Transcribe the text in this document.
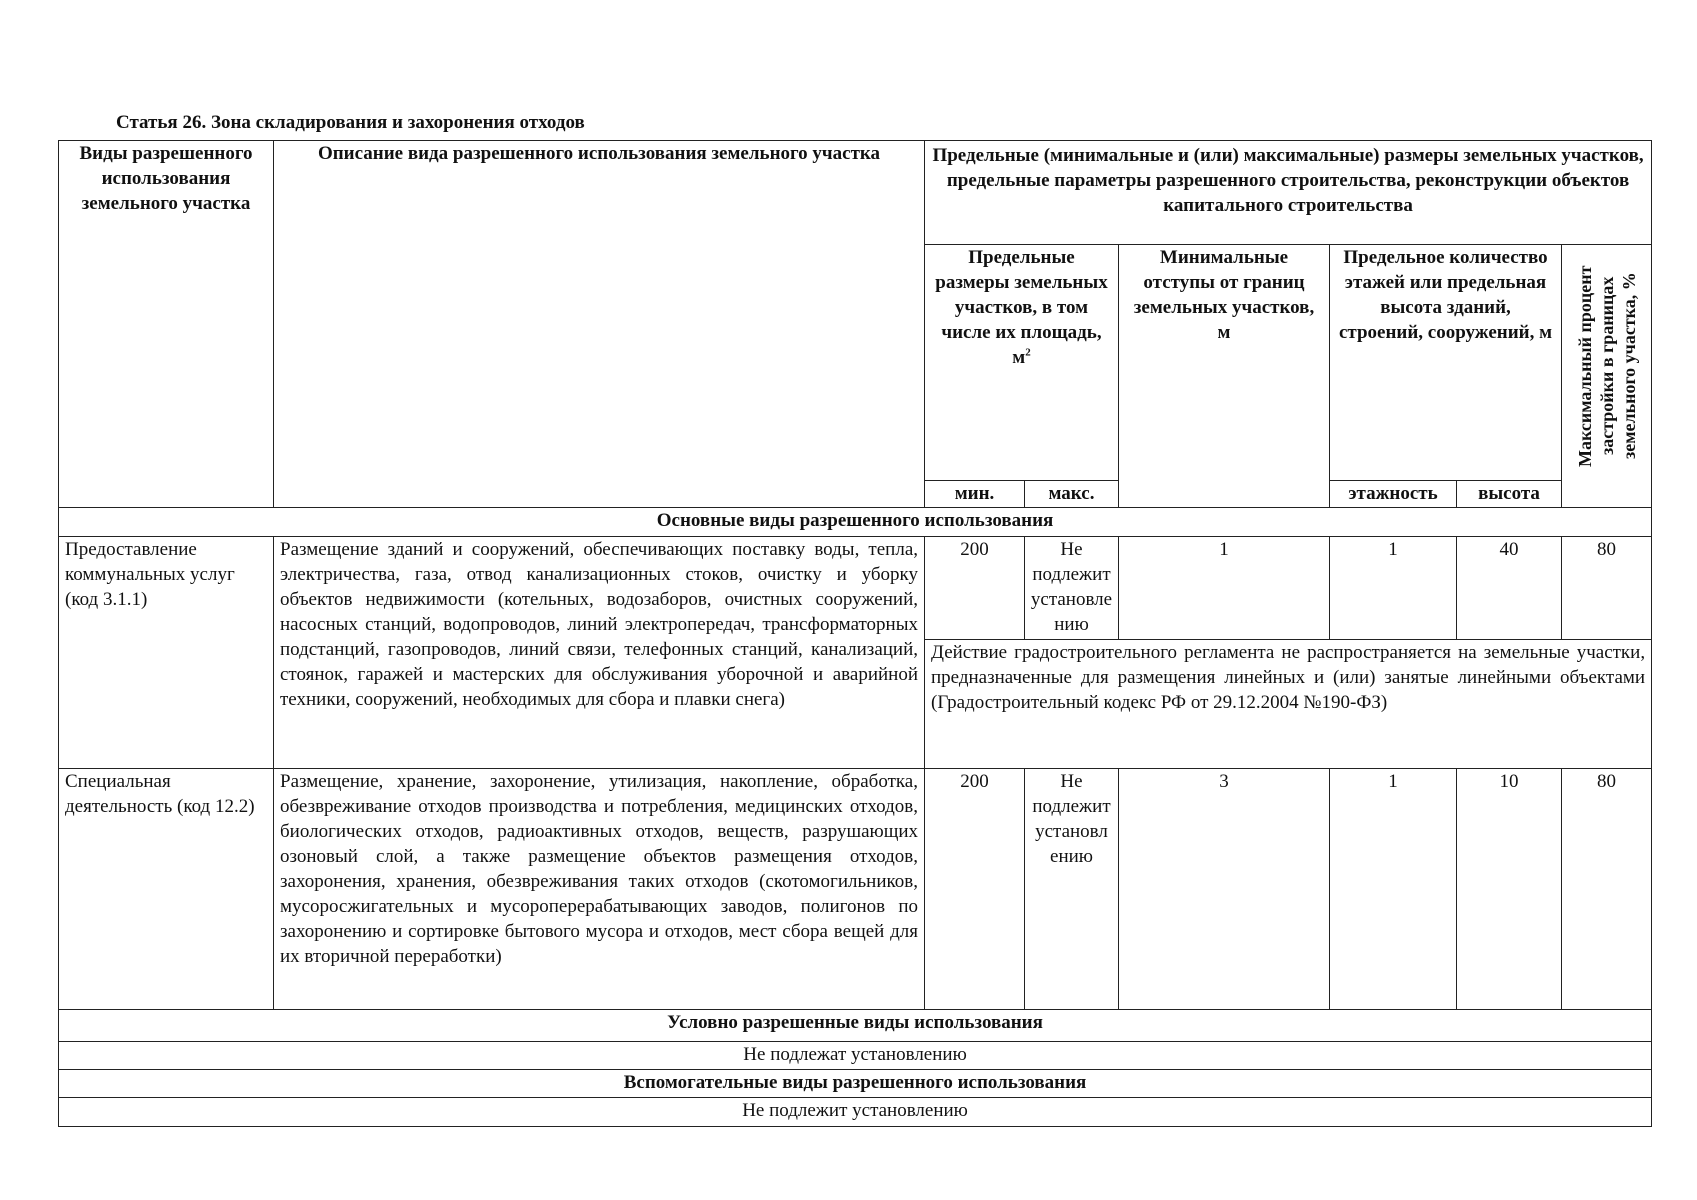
Статья 26. Зона складирования и захоронения отходов
Виды разрешенного использования земельного участка	Описание вида разрешенного использования земельного участка	Предельные (минимальные и (или) максимальные) размеры земельных участков, предельные параметры разрешенного строительства, реконструкции объектов капитального строительства					
		Предельные размеры земельных участков, в том числе их площадь, $м^2$		Минимальные отступы от границ земельных участков, м	Предельное количество этажей или предельная высота зданий, строений, сооружений, м		Максимальный процент застройки в границах земельного участка, %

		мин.	макс.		этажность	высота	
Основные виды разрешенного использования							
Предоставление коммунальных услуг (код 3.1.1)	Размещение зданий и сооружений, обеспечивающих поставку воды, тепла, электричества, газа, отвод канализационных стоков, очистку и уборку объектов недвижимости (котельных, водозаборов, очистных сооружений, насосных станций, водопроводов, линий электропередач, трансформаторных подстанций, газопроводов, линий связи, телефонных станций, канализаций, стоянок, гаражей и мастерских для обслуживания уборочной и аварийной техники, сооружений, необходимых для сбора и плавки снега)	200	Не подлежит установле нию	1	1	40	80
		Действие градостроительного регламента не распространяется на земельные участки, предназначенные для размещения линейных и (или) занятые линейными объектами (Градостроительный кодекс РФ от 29.12.2004 №190-ФЗ)					
Специальная деятельность (код 12.2)	Размещение, хранение, захоронение, утилизация, накопление, обработка, обезвреживание отходов производства и потребления, медицинских отходов, биологических отходов, радиоактивных отходов, веществ, разрушающих озоновый слой, а также размещение объектов размещения отходов, захоронения, хранения, обезвреживания таких отходов (скотомогильников, мусоросжигательных и мусороперерабатывающих заводов, полигонов по захоронению и сортировке бытового мусора и отходов, мест сбора вещей для их вторичной переработки)	200	Не подлежит установл ению	3	1	10	80
Условно разрешенные виды использования							
Не подлежат установлению							
Вспомогательные виды разрешенного использования							
Не подлежит установлению							
